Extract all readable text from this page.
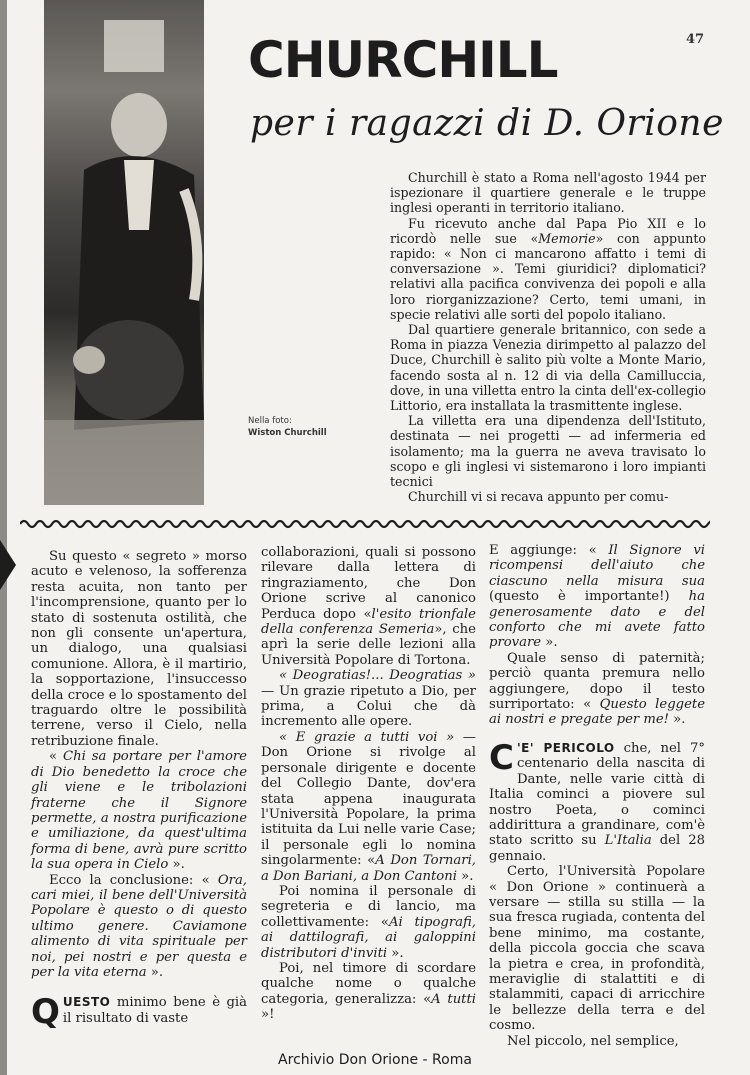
47
Nella foto:
Wiston Churchill
CHURCHILL
per i ragazzi di D. Orione

Churchill è stato a Roma nell'agosto 1944 per ispezionare il quartiere generale e le truppe inglesi operanti in territorio italiano.

Fu ricevuto anche dal Papa Pio XII e lo ricordò nelle sue «Memorie» con appunto rapido: « Non ci mancarono affatto i temi di conversazione ». Temi giuridici? diplomatici? relativi alla pacifica convivenza dei popoli e alla loro riorganizzazione? Certo, temi umani, in specie relativi alle sorti del popolo italiano.

Dal quartiere generale britannico, con sede a Roma in piazza Venezia dirimpetto al palazzo del Duce, Churchill è salito più volte a Monte Mario, facendo sosta al n. 12 di via della Camilluccia, dove, in una villetta entro la cinta dell'ex-collegio Littorio, era installata la trasmittente inglese.

La villetta era una dipendenza dell'Istituto, destinata — nei progetti — ad infermeria ed isolamento; ma la guerra ne aveva travisato lo scopo e gli inglesi vi sistemarono i loro impianti tecnici

Churchill vi si recava appunto per comu-

Su questo « segreto » morso acuto e velenoso, la sofferenza resta acuita, non tanto per l'incomprensione, quanto per lo stato di sostenuta ostilità, che non gli consente un'apertura, un dialogo, una qualsiasi comunione. Allora, è il martirio, la sopportazione, l'insuccesso della croce e lo spostamento del traguardo oltre le possibilità terrene, verso il Cielo, nella retribuzione finale.

« Chi sa portare per l'amore di Dio benedetto la croce che gli viene e le tribolazioni fraterne che il Signore permette, a nostra purificazione e umiliazione, da quest'ultima forma di bene, avrà pure scritto la sua opera in Cielo ».

Ecco la conclusione: « Ora, cari miei, il bene dell'Università Popolare è questo o di questo ultimo genere. Caviamone alimento di vita spirituale per noi, pei nostri e per questa e per la vita eterna ».

QUESTO minimo bene è già il risultato di vaste

collaborazioni, quali si possono rilevare dalla lettera di ringraziamento, che Don Orione scrive al canonico Perduca dopo «l'esito trionfale della conferenza Semeria», che aprì la serie delle lezioni alla Università Popolare di Tortona.

« Deogratias!... Deogratias » — Un grazie ripetuto a Dio, per prima, a Colui che dà incremento alle opere.

« E grazie a tutti voi » — Don Orione si rivolge al personale dirigente e docente del Collegio Dante, dov'era stata appena inaugurata l'Università Popolare, la prima istituita da Lui nelle varie Case; il personale egli lo nomina singolarmente: «A Don Tornari, a Don Bariani, a Don Cantoni ».

Poi nomina il personale di segreteria e di lancio, ma collettivamente: «Ai tipografi, ai dattilografi, ai galoppini distributori d'inviti ».

Poi, nel timore di scordare qualche nome o qualche categoria, generalizza: «A tutti »!

E aggiunge: « Il Signore vi ricompensi dell'aiuto che ciascuno nella misura sua (questo è importante!) ha generosamente dato e del conforto che mi avete fatto provare ».

Quale senso di paternità; perciò quanta premura nello aggiungere, dopo il testo surriportato: « Questo leggete ai nostri e pregate per me! ».

C 'E' PERICOLO che, nel 7° centenario della nascita di Dante, nelle varie città di Italia cominci a piovere sul nostro Poeta, o cominci addirittura a grandinare, com'è stato scritto su L'Italia del 28 gennaio.

Certo, l'Università Popolare « Don Orione » continuerà a versare — stilla su stilla — la sua fresca rugiada, contenta del bene minimo, ma costante, della piccola goccia che scava la pietra e crea, in profondità, meraviglie di stalattiti e di stalammiti, capaci di arricchire le bellezze della terra e del cosmo.

Nel piccolo, nel semplice,

Archivio Don Orione - Roma
